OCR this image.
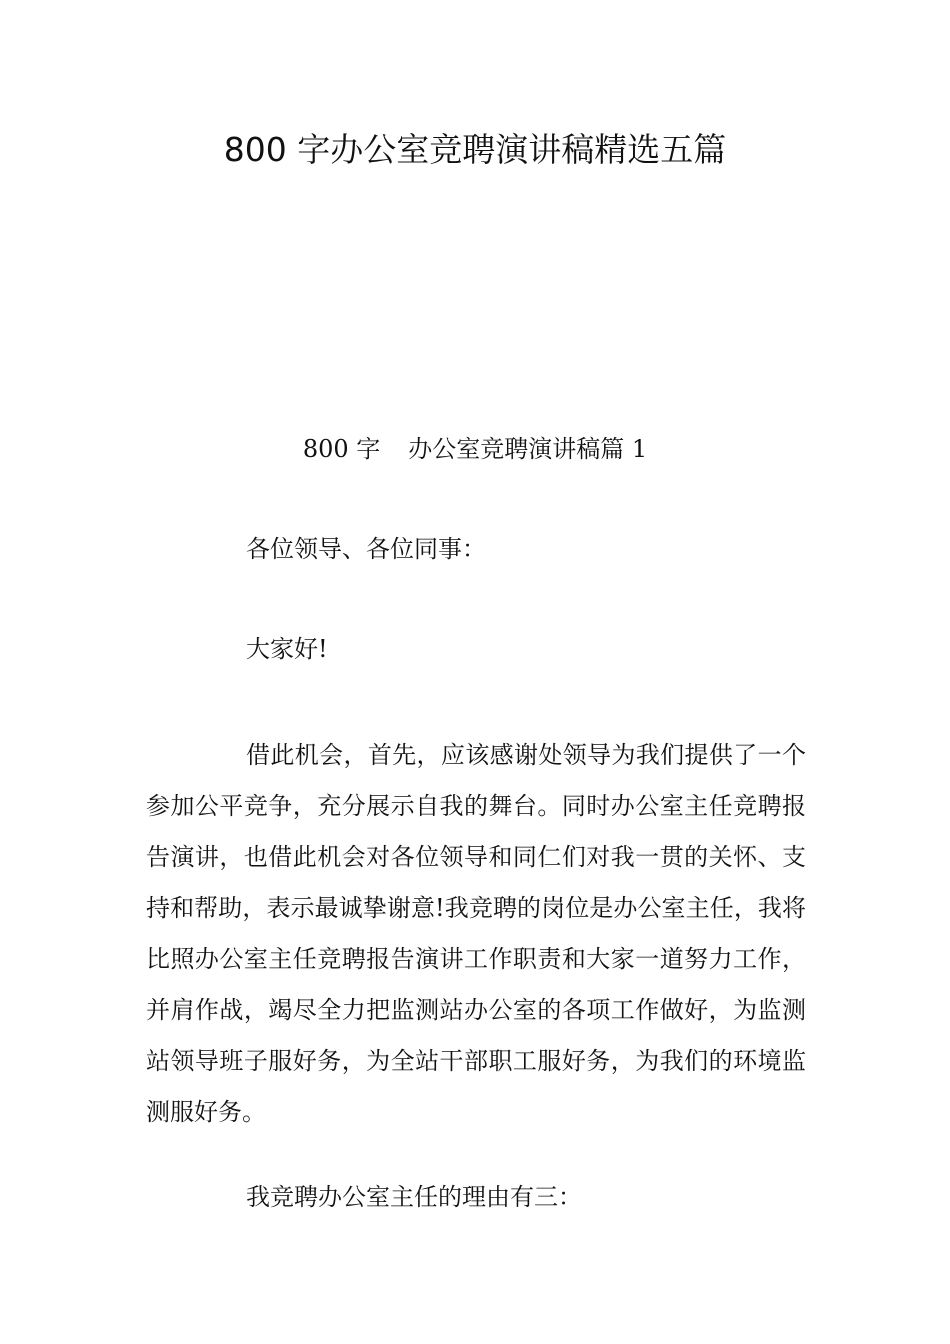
800 字办公室竞聘演讲稿精选五篇
800 字 办公室竞聘演讲稿篇 1

各位领导、各位同事：

大家好!

借此机会，首先，应该感谢处领导为我们提供了一个参加公平竞争，充分展示自我的舞台。同时办公室主任竞聘报告演讲，也借此机会对各位领导和同仁们对我一贯的关怀、支持和帮助，表示最诚挚谢意!我竞聘的岗位是办公室主任，我将比照办公室主任竞聘报告演讲工作职责和大家一道努力工作，并肩作战，竭尽全力把监测站办公室的各项工作做好，为监测站领导班子服好务，为全站干部职工服好务，为我们的环境监测服好务。

我竞聘办公室主任的理由有三：
